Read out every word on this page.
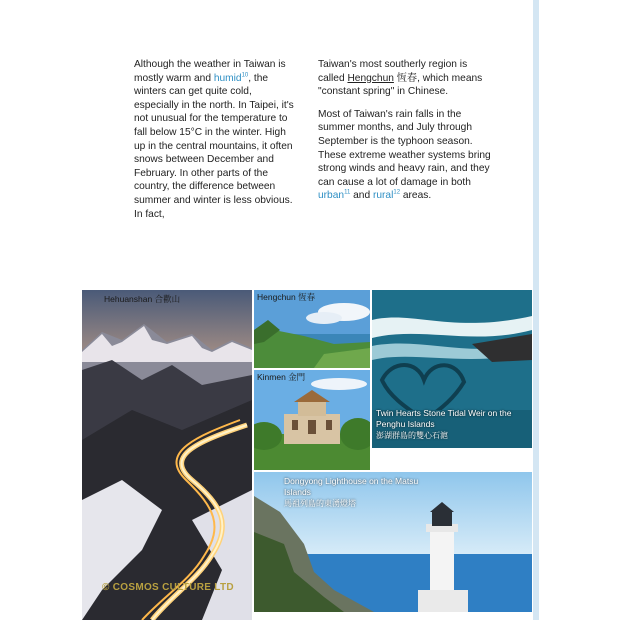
Although the weather in Taiwan is mostly warm and humid$^{10}$, the winters can get quite cold, especially in the north. In Taipei, it's not unusual for the temperature to fall below 15°C in the winter. High up in the central mountains, it often snows between December and February. In other parts of the country, the difference between summer and winter is less obvious. In fact,

Taiwan's most southerly region is called Hengchun 恆春, which means "constant spring" in Chinese.

Most of Taiwan's rain falls in the summer months, and July through September is the typhoon season. These extreme weather systems bring strong winds and heavy rain, and they can cause a lot of damage in both urban$^{11}$ and rural$^{12}$ areas.

Hehuanshan 合歡山	Hengchun 恆春
Kinmen 金門
Twin Hearts Stone Tidal Weir on the Penghu Islands
澎湖群島的雙心石滬
Dongyong Lighthouse on the Matsu Islands
馬祖列島的東湧燈塔
© COSMOS CULTURE LTD
